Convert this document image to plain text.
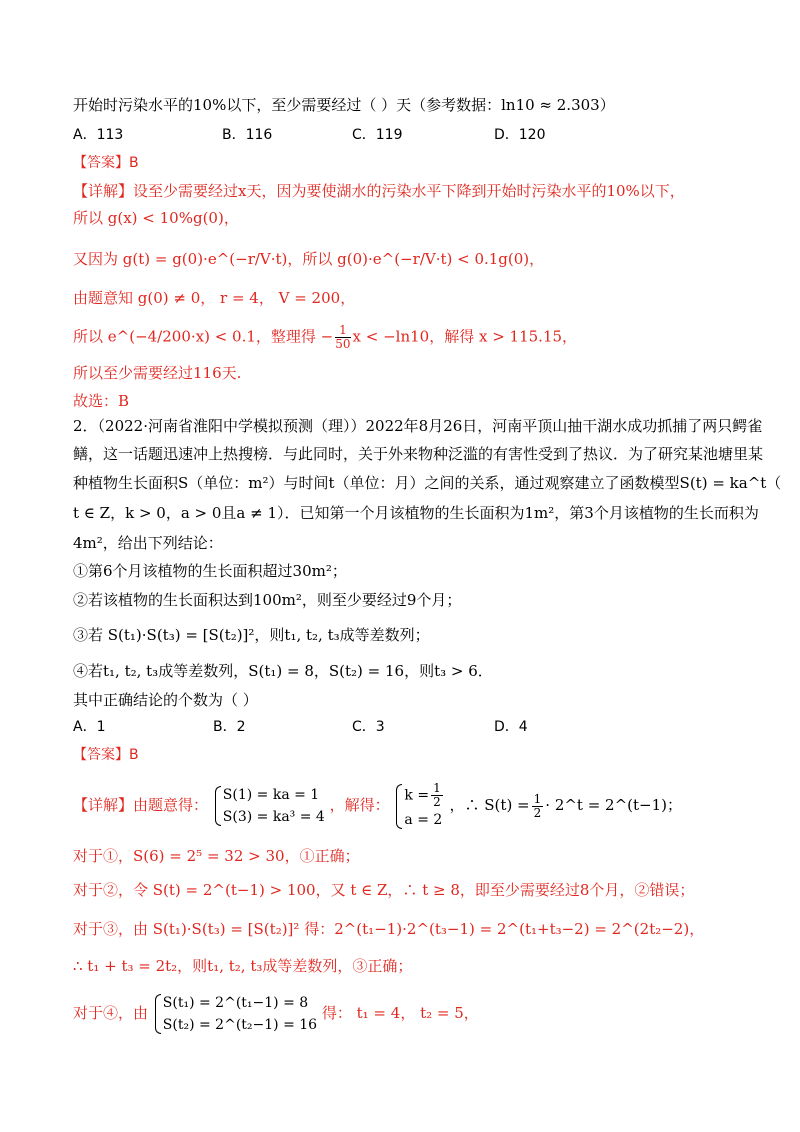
开始时污染水平的10%以下，至少需要经过（ ）天（参考数据：ln10 ≈ 2.303）
A．113	B．116	C．119	D．120
【答案】B
【详解】设至少需要经过x天，因为要使湖水的污染水平下降到开始时污染水平的10%以下，
所以 g(x) < 10%g(0)，
又因为 g(t) = g(0)·e^(−r/V·t)，所以 g(0)·e^(−r/V·t) < 0.1g(0)，
由题意知 g(0) ≠ 0， r = 4， V = 200，
所以 e^(−4/200·x) < 0.1，整理得 − $\frac{1}{50}$ x < −ln10，解得 x > 115.15，
所以至少需要经过116天.
故选：B
2．（2022·河南省淮阳中学模拟预测（理））2022年8月26日，河南平顶山抽干湖水成功抓捕了两只鳄雀
鳝，这一话题迅速冲上热搜榜．与此同时，关于外来物种泛滥的有害性受到了热议．为了研究某池塘里某
种植物生长面积S（单位：m²）与时间t（单位：月）之间的关系，通过观察建立了函数模型S(t) = ka^t（
t ∈ Z，k > 0，a > 0且a ≠ 1）．已知第一个月该植物的生长面积为1m²，第3个月该植物的生长而积为
4m²，给出下列结论：
①第6个月该植物的生长面积超过30m²；
②若该植物的生长面积达到100m²，则至少要经过9个月；
③若 S(t₁)·S(t₃) = [S(t₂)]²，则t₁, t₂, t₃成等差数列；
④若t₁, t₂, t₃成等差数列，S(t₁) = 8，S(t₂) = 16，则t₃ > 6．
其中正确结论的个数为（ ）
A．1	B．2	C．3	D．4
【答案】B
【详解】由题意得：
S(1) = ka = 1
S(3) = ka³ = 4
，解得：
$k = \frac{1}{2}$
a = 2
，∴ $S(t) = \frac{1}{2}$ · 2^t = 2^(t−1)；
对于①，S(6) = 2⁵ = 32 > 30，①正确；
对于②，令 S(t) = 2^(t−1) > 100，又 t ∈ Z，∴ t ≥ 8，即至少需要经过8个月，②错误；
对于③，由 S(t₁)·S(t₃) = [S(t₂)]² 得：2^(t₁−1)·2^(t₃−1) = 2^(t₁+t₃−2) = 2^(2t₂−2)，
∴ t₁ + t₃ = 2t₂，则t₁, t₂, t₃成等差数列，③正确；
对于④，由
S(t₁) = 2^(t₁−1) = 8
S(t₂) = 2^(t₂−1) = 16
得： t₁ = 4， t₂ = 5，
